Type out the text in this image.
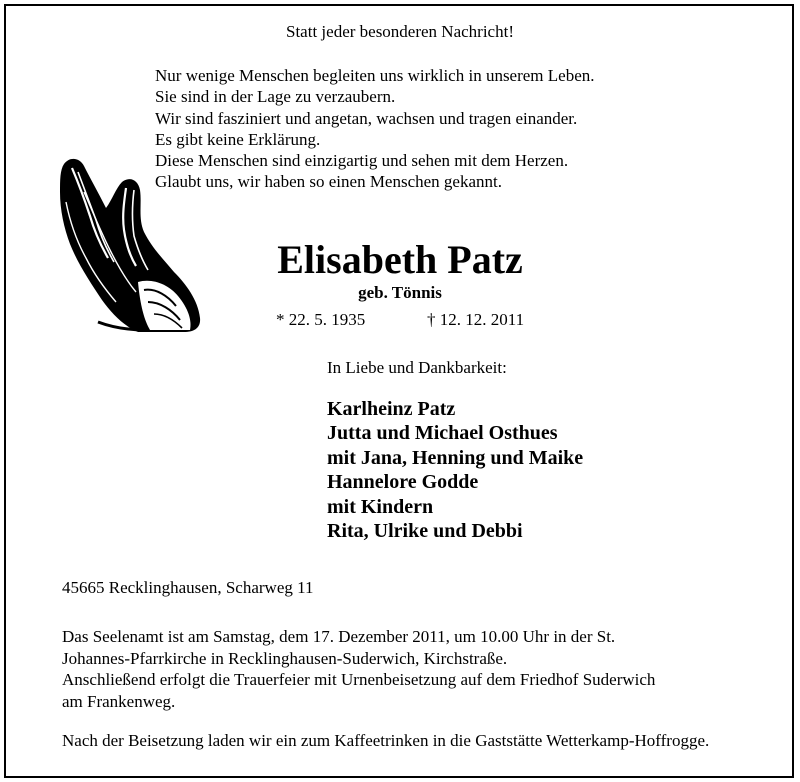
Statt jeder besonderen Nachricht!
Nur wenige Menschen begleiten uns wirklich in unserem Leben.
Sie sind in der Lage zu verzaubern.
Wir sind fasziniert und angetan, wachsen und tragen einander.
Es gibt keine Erklärung.
Diese Menschen sind einzigartig und sehen mit dem Herzen.
Glaubt uns, wir haben so einen Menschen gekannt.
Elisabeth Patz
geb. Tönnis
* 22. 5. 1935	† 12. 12. 2011
In Liebe und Dankbarkeit:
Karlheinz Patz
Jutta und Michael Osthues
mit Jana, Henning und Maike
Hannelore Godde
mit Kindern
Rita, Ulrike und Debbi
45665 Recklinghausen, Scharweg 11
Das Seelenamt ist am Samstag, dem 17. Dezember 2011, um 10.00 Uhr in der St.
Johannes-Pfarrkirche in Recklinghausen-Suderwich, Kirchstraße.
Anschließend erfolgt die Trauerfeier mit Urnenbeisetzung auf dem Friedhof Suderwich
am Frankenweg.
Nach der Beisetzung laden wir ein zum Kaffeetrinken in die Gaststätte Wetterkamp-Hoffrogge.
